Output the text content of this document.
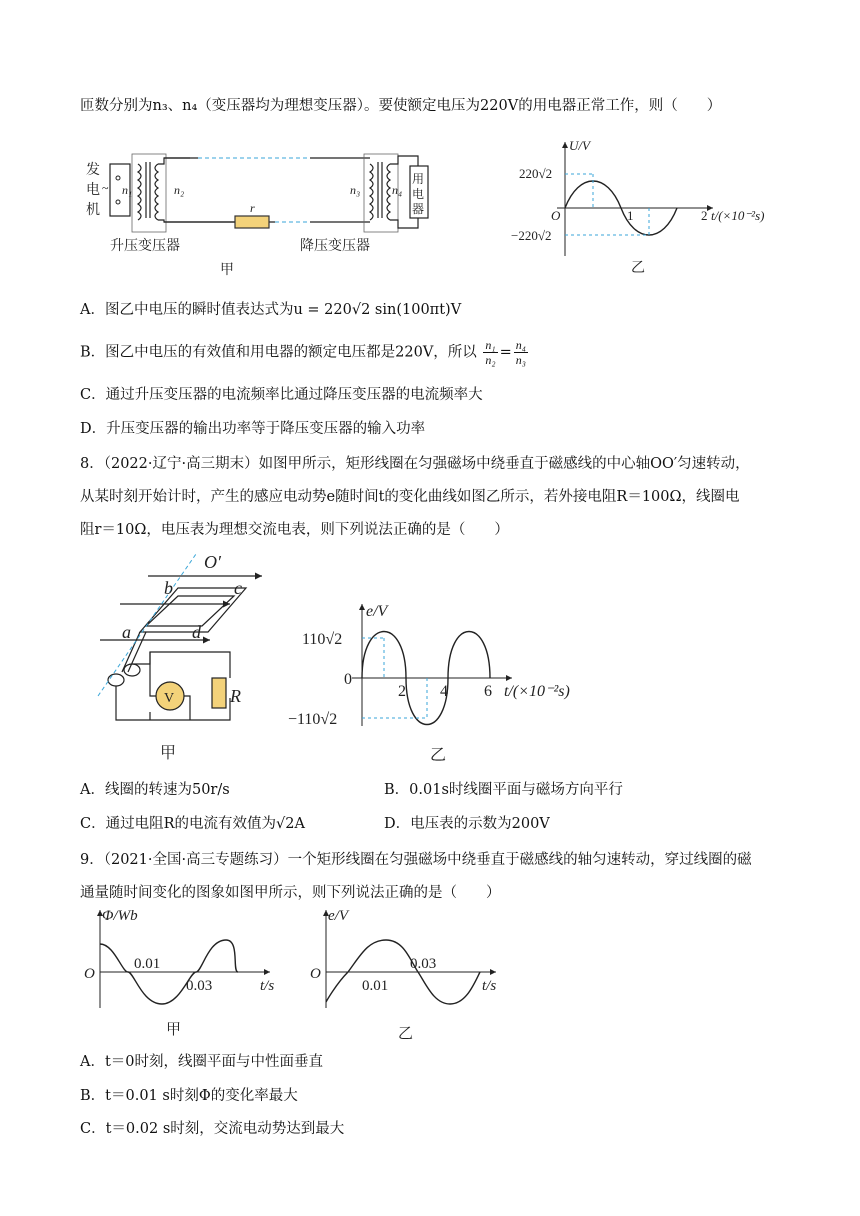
匝数分别为n₃、n₄（变压器均为理想变压器）。要使额定电压为220V的用电器正常工作，则（　　）
发
电
机
用
电
器
升压变压器	降压变压器
甲
~ n₁	n₂	n₃	n₄
r
U/V
220√2
−220√2
O	1	2 t/(×10⁻²s)
乙
A．图乙中电压的瞬时值表达式为u = 220√2 sin(100πt)V
B．图乙中电压的有效值和用电器的额定电压都是220V，所以 $\frac{\text{n₁}}{\text{n₂}} = \frac{\text{n₄}}{\text{n₃}}$
C．通过升压变压器的电流频率比通过降压变压器的电流频率大
D．升压变压器的输出功率等于降压变压器的输入功率
8．（2022·辽宁·高三期末）如图甲所示，矩形线圈在匀强磁场中绕垂直于磁感线的中心轴OO′匀速转动，
从某时刻开始计时，产生的感应电动势e随时间t的变化曲线如图乙所示，若外接电阻R＝100Ω，线圈电
阻r＝10Ω，电压表为理想交流电表，则下列说法正确的是（　　）
O′
b	c
a	d
R
V
甲
e/V
110√2
−110√2
0
2 4 6 t/(×10⁻²s)
乙
A．线圈的转速为50r/s	B．0.01s时线圈平面与磁场方向平行
C．通过电阻R的电流有效值为√2A	D．电压表的示数为200V
9．（2021·全国·高三专题练习）一个矩形线圈在匀强磁场中绕垂直于磁感线的轴匀速转动，穿过线圈的磁
通量随时间变化的图象如图甲所示，则下列说法正确的是（　　）
Φ/Wb
O
0.01
0.03	t/s
甲
e/V
O
0.01
0.03
t/s
乙
A．t＝0时刻，线圈平面与中性面垂直
B．t＝0.01 s时刻Φ的变化率最大
C．t＝0.02 s时刻，交流电动势达到最大
